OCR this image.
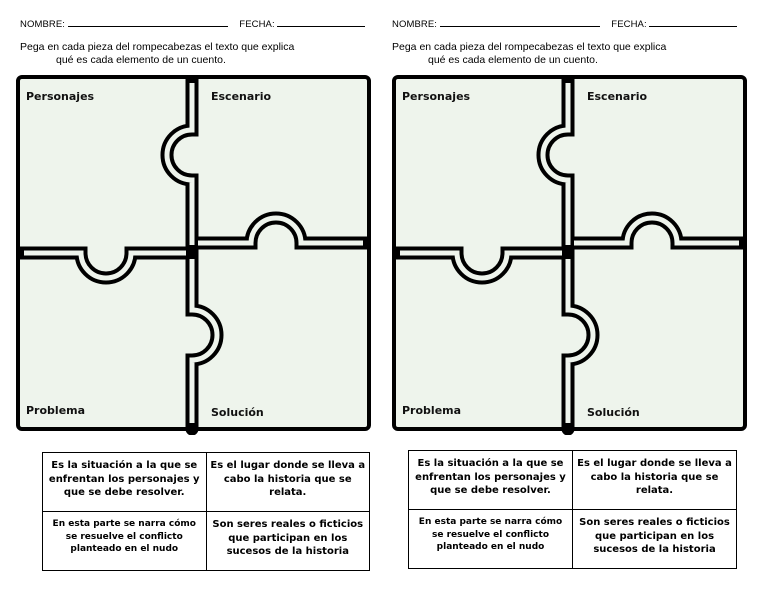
NOMBRE:	FECHA:
Pega en cada pieza del rompecabezas el texto que explica
qué es cada elemento de un cuento.
Personajes	Escenario
Problema	Solución
Es la situación a la que se enfrentan los personajes y que se debe resolver.	Es el lugar donde se lleva a cabo la historia que se relata.
En esta parte se narra cómo se resuelve el conflicto planteado en el nudo	Son seres reales o ficticios que participan en los sucesos de la historia
NOMBRE:	FECHA:
Pega en cada pieza del rompecabezas el texto que explica
qué es cada elemento de un cuento.
Personajes	Escenario
Problema	Solución
Es la situación a la que se enfrentan los personajes y que se debe resolver.	Es el lugar donde se lleva a cabo la historia que se relata.
En esta parte se narra cómo se resuelve el conflicto planteado en el nudo	Son seres reales o ficticios que participan en los sucesos de la historia
